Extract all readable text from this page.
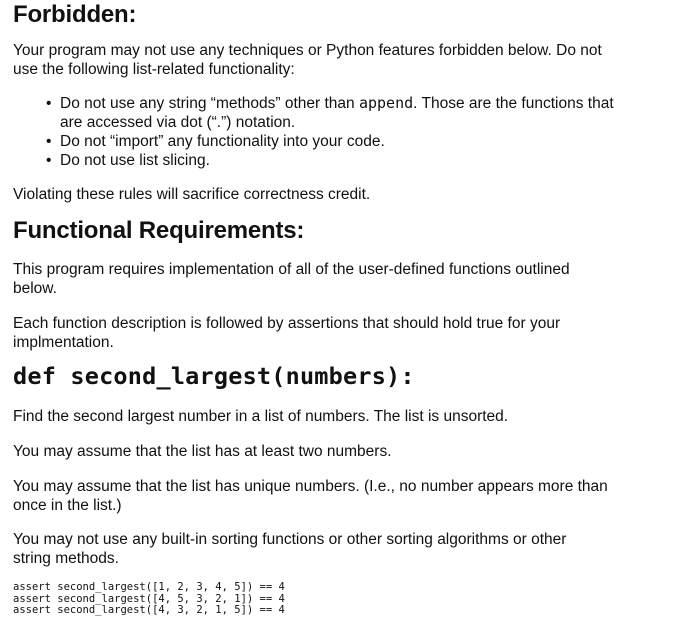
Forbidden:

Your program may not use any techniques or Python features forbidden below. Do not use the following list-related functionality:

• Do not use any string “methods” other than append. Those are the functions that are accessed via dot (“.”) notation.
• Do not “import” any functionality into your code.
• Do not use list slicing.

Violating these rules will sacrifice correctness credit.

Functional Requirements:

This program requires implementation of all of the user-defined functions outlined below.

Each function description is followed by assertions that should hold true for your implmentation.

def second_largest(numbers):

Find the second largest number in a list of numbers. The list is unsorted.

You may assume that the list has at least two numbers.

You may assume that the list has unique numbers. (I.e., no number appears more than once in the list.)

You may not use any built-in sorting functions or other sorting algorithms or other string methods.

assert second_largest([1, 2, 3, 4, 5]) == 4
assert second_largest([4, 5, 3, 2, 1]) == 4
assert second_largest([4, 3, 2, 1, 5]) == 4
